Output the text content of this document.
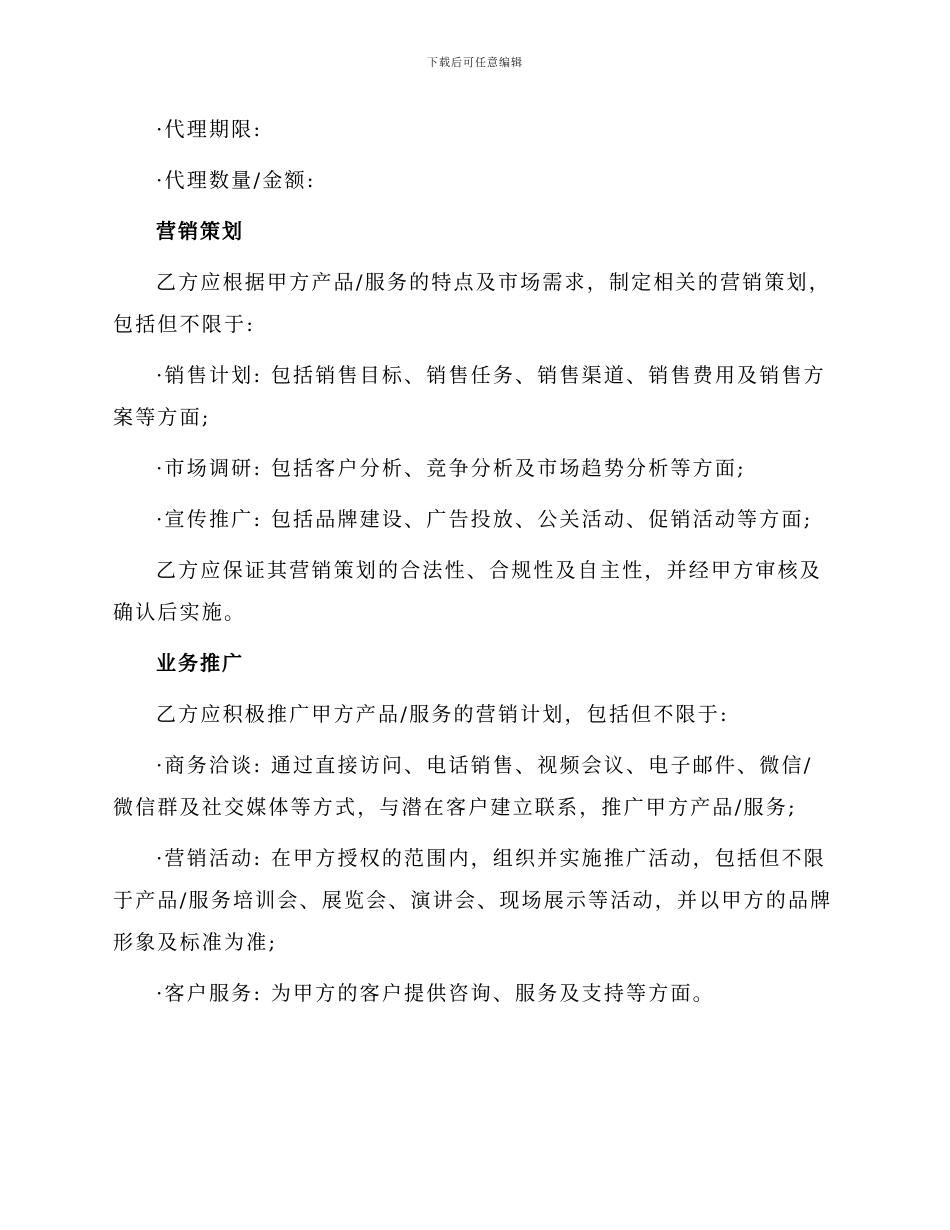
下载后可任意编辑

·代理期限:

·代理数量/金额:

营销策划

乙方应根据甲方产品/服务的特点及市场需求，制定相关的营销策划，包括但不限于:

·销售计划: 包括销售目标、销售任务、销售渠道、销售费用及销售方案等方面;

·市场调研: 包括客户分析、竞争分析及市场趋势分析等方面;

·宣传推广: 包括品牌建设、广告投放、公关活动、促销活动等方面;

乙方应保证其营销策划的合法性、合规性及自主性，并经甲方审核及确认后实施。

业务推广

乙方应积极推广甲方产品/服务的营销计划，包括但不限于:

·商务洽谈: 通过直接访问、电话销售、视频会议、电子邮件、微信/微信群及社交媒体等方式，与潜在客户建立联系，推广甲方产品/服务;

·营销活动: 在甲方授权的范围内，组织并实施推广活动，包括但不限于产品/服务培训会、展览会、演讲会、现场展示等活动，并以甲方的品牌形象及标准为准;

·客户服务: 为甲方的客户提供咨询、服务及支持等方面。
